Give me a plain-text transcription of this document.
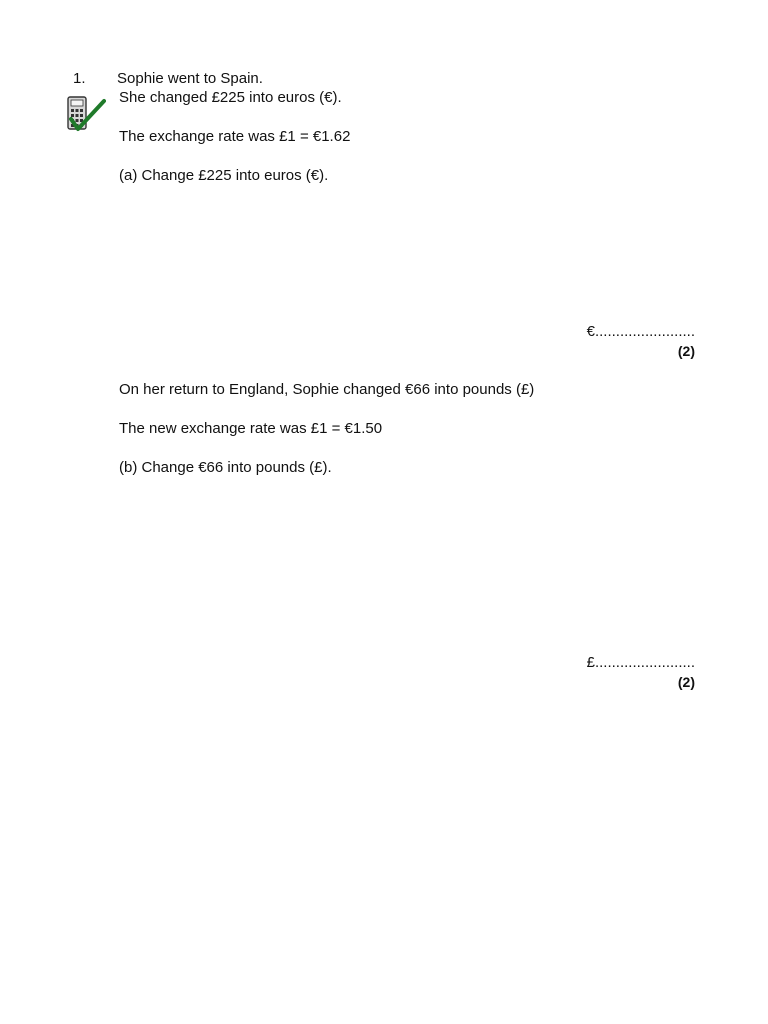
1. Sophie went to Spain.
She changed £225 into euros (€).
The exchange rate was £1 = €1.62
(a) Change £225 into euros (€).
€........................
(2)
On her return to England, Sophie changed €66 into pounds (£)
The new exchange rate was £1 = €1.50
(b) Change €66 into pounds (£).
£........................
(2)
